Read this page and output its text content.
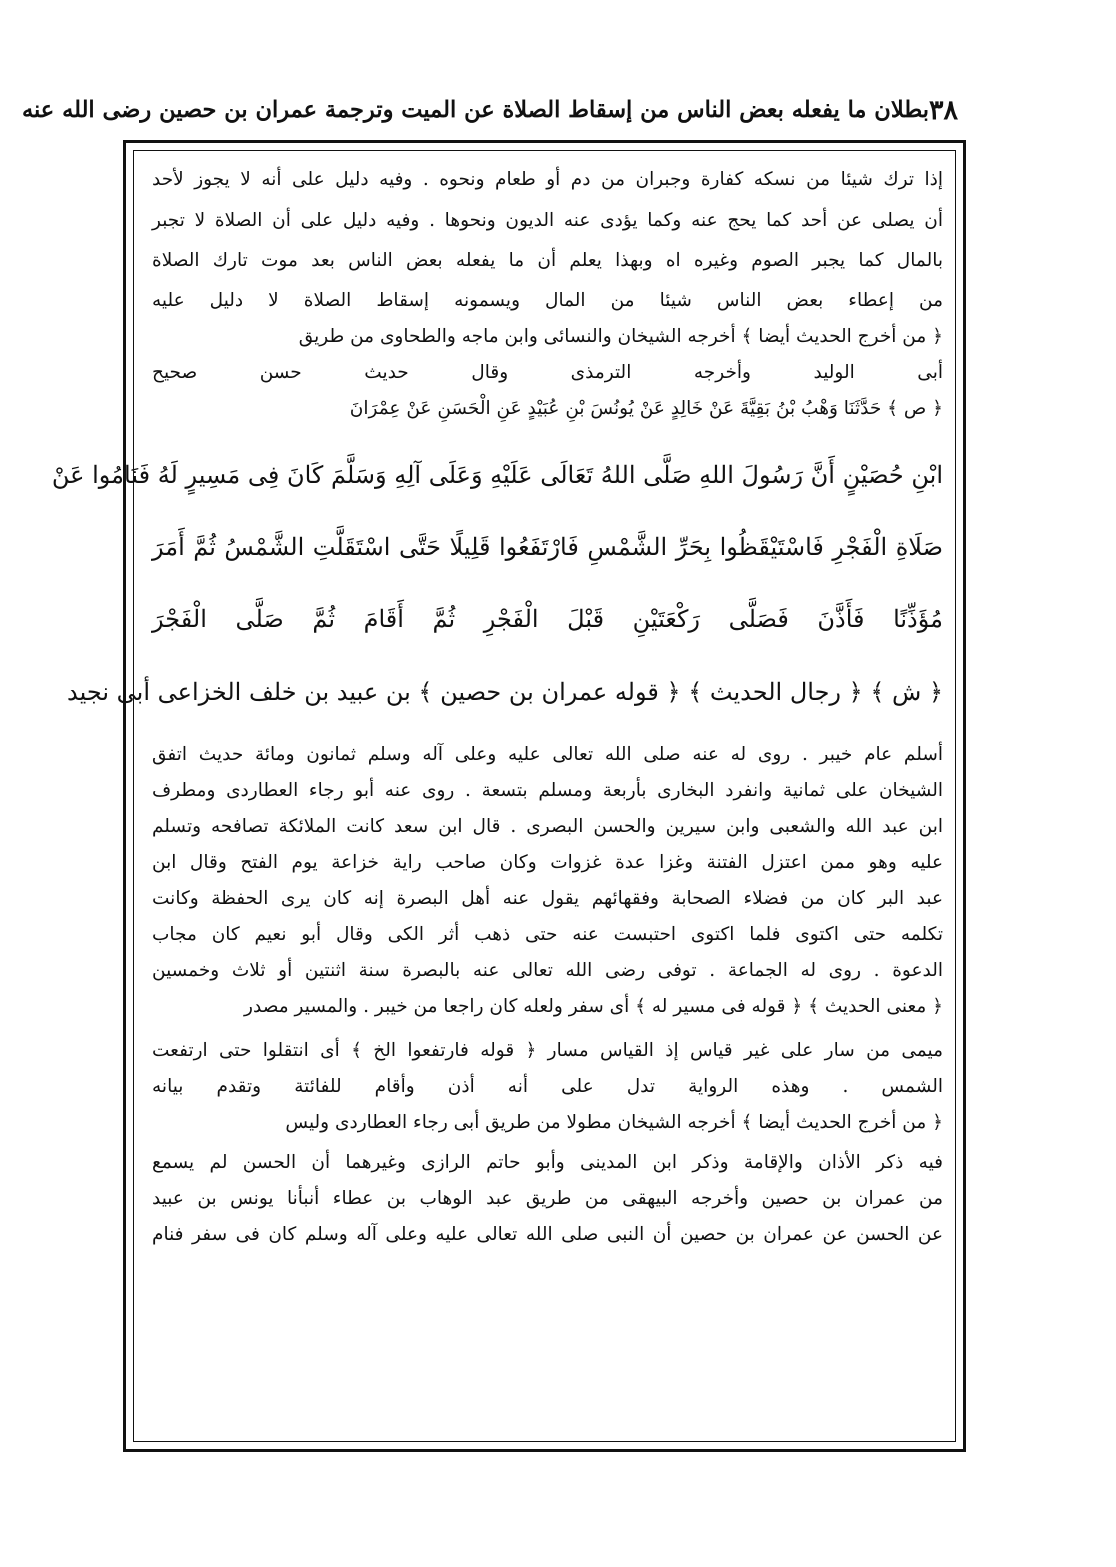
٣٨
بطلان ما يفعله بعض الناس من إسقاط الصلاة عن الميت وترجمة عمران بن حصين رضى الله عنه
إذا ترك شيئا من نسكه كفارة وجبران من دم أو طعام ونحوه . وفيه دليل على أنه لا يجوز لأحد
أن يصلى عن أحد كما يحج عنه وكما يؤدى عنه الديون ونحوها . وفيه دليل على أن الصلاة لا تجبر
بالمال كما يجبر الصوم وغيره اه وبهذا يعلم أن ما يفعله بعض الناس بعد موت تارك الصلاة
من إعطاء بعض الناس شيئا من المال ويسمونه إسقاط الصلاة لا دليل عليه
﴿ من أخرج الحديث أيضا ﴾ أخرجه الشيخان والنسائى وابن ماجه والطحاوى من طريق
أبى الوليد وأخرجه الترمذى وقال حديث حسن صحيح
﴿ ص ﴾ حَدَّثَنَا وَهْبُ بْنُ بَقِيَّةَ عَنْ خَالِدٍ عَنْ يُونُسَ بْنِ عُبَيْدٍ عَنِ الْحَسَنِ عَنْ عِمْرَانَ
ابْنِ حُصَيْنٍ أَنَّ رَسُولَ اللهِ صَلَّى اللهُ تَعَالَى عَلَيْهِ وَعَلَى آلِهِ وَسَلَّمَ كَانَ فِى مَسِيرٍ لَهُ فَنَامُوا عَنْ
صَلَاةِ الْفَجْرِ فَاسْتَيْقَظُوا بِحَرِّ الشَّمْسِ فَارْتَفَعُوا قَلِيلًا حَتَّى اسْتَقَلَّتِ الشَّمْسُ ثُمَّ أَمَرَ
مُؤَذِّنًا فَأَذَّنَ فَصَلَّى رَكْعَتَيْنِ قَبْلَ الْفَجْرِ ثُمَّ أَقَامَ ثُمَّ صَلَّى الْفَجْرَ
﴿ ش ﴾ ﴿ رجال الحديث ﴾ ﴿ قوله عمران بن حصين ﴾ بن عبيد بن خلف الخزاعى أبى نجيد
أسلم عام خيبر . روى له عنه صلى الله تعالى عليه وعلى آله وسلم ثمانون ومائة حديث اتفق
الشيخان على ثمانية وانفرد البخارى بأربعة ومسلم بتسعة . روى عنه أبو رجاء العطاردى ومطرف
ابن عبد الله والشعبى وابن سيرين والحسن البصرى . قال ابن سعد كانت الملائكة تصافحه وتسلم
عليه وهو ممن اعتزل الفتنة وغزا عدة غزوات وكان صاحب راية خزاعة يوم الفتح وقال ابن
عبد البر كان من فضلاء الصحابة وفقهائهم يقول عنه أهل البصرة إنه كان يرى الحفظة وكانت
تكلمه حتى اكتوى فلما اكتوى احتبست عنه حتى ذهب أثر الكى وقال أبو نعيم كان مجاب
الدعوة . روى له الجماعة . توفى رضى الله تعالى عنه بالبصرة سنة اثنتين أو ثلاث وخمسين
﴿ معنى الحديث ﴾ ﴿ قوله فى مسير له ﴾ أى سفر ولعله كان راجعا من خيبر . والمسير مصدر
ميمى من سار على غير قياس إذ القياس مسار ﴿ قوله فارتفعوا الخ ﴾ أى انتقلوا حتى ارتفعت
الشمس . وهذه الرواية تدل على أنه أذن وأقام للفائتة وتقدم بيانه
﴿ من أخرج الحديث أيضا ﴾ أخرجه الشيخان مطولا من طريق أبى رجاء العطاردى وليس
فيه ذكر الأذان والإقامة وذكر ابن المدينى وأبو حاتم الرازى وغيرهما أن الحسن لم يسمع
من عمران بن حصين وأخرجه البيهقى من طريق عبد الوهاب بن عطاء أنبأنا يونس بن عبيد
عن الحسن عن عمران بن حصين أن النبى صلى الله تعالى عليه وعلى آله وسلم كان فى سفر فنام
